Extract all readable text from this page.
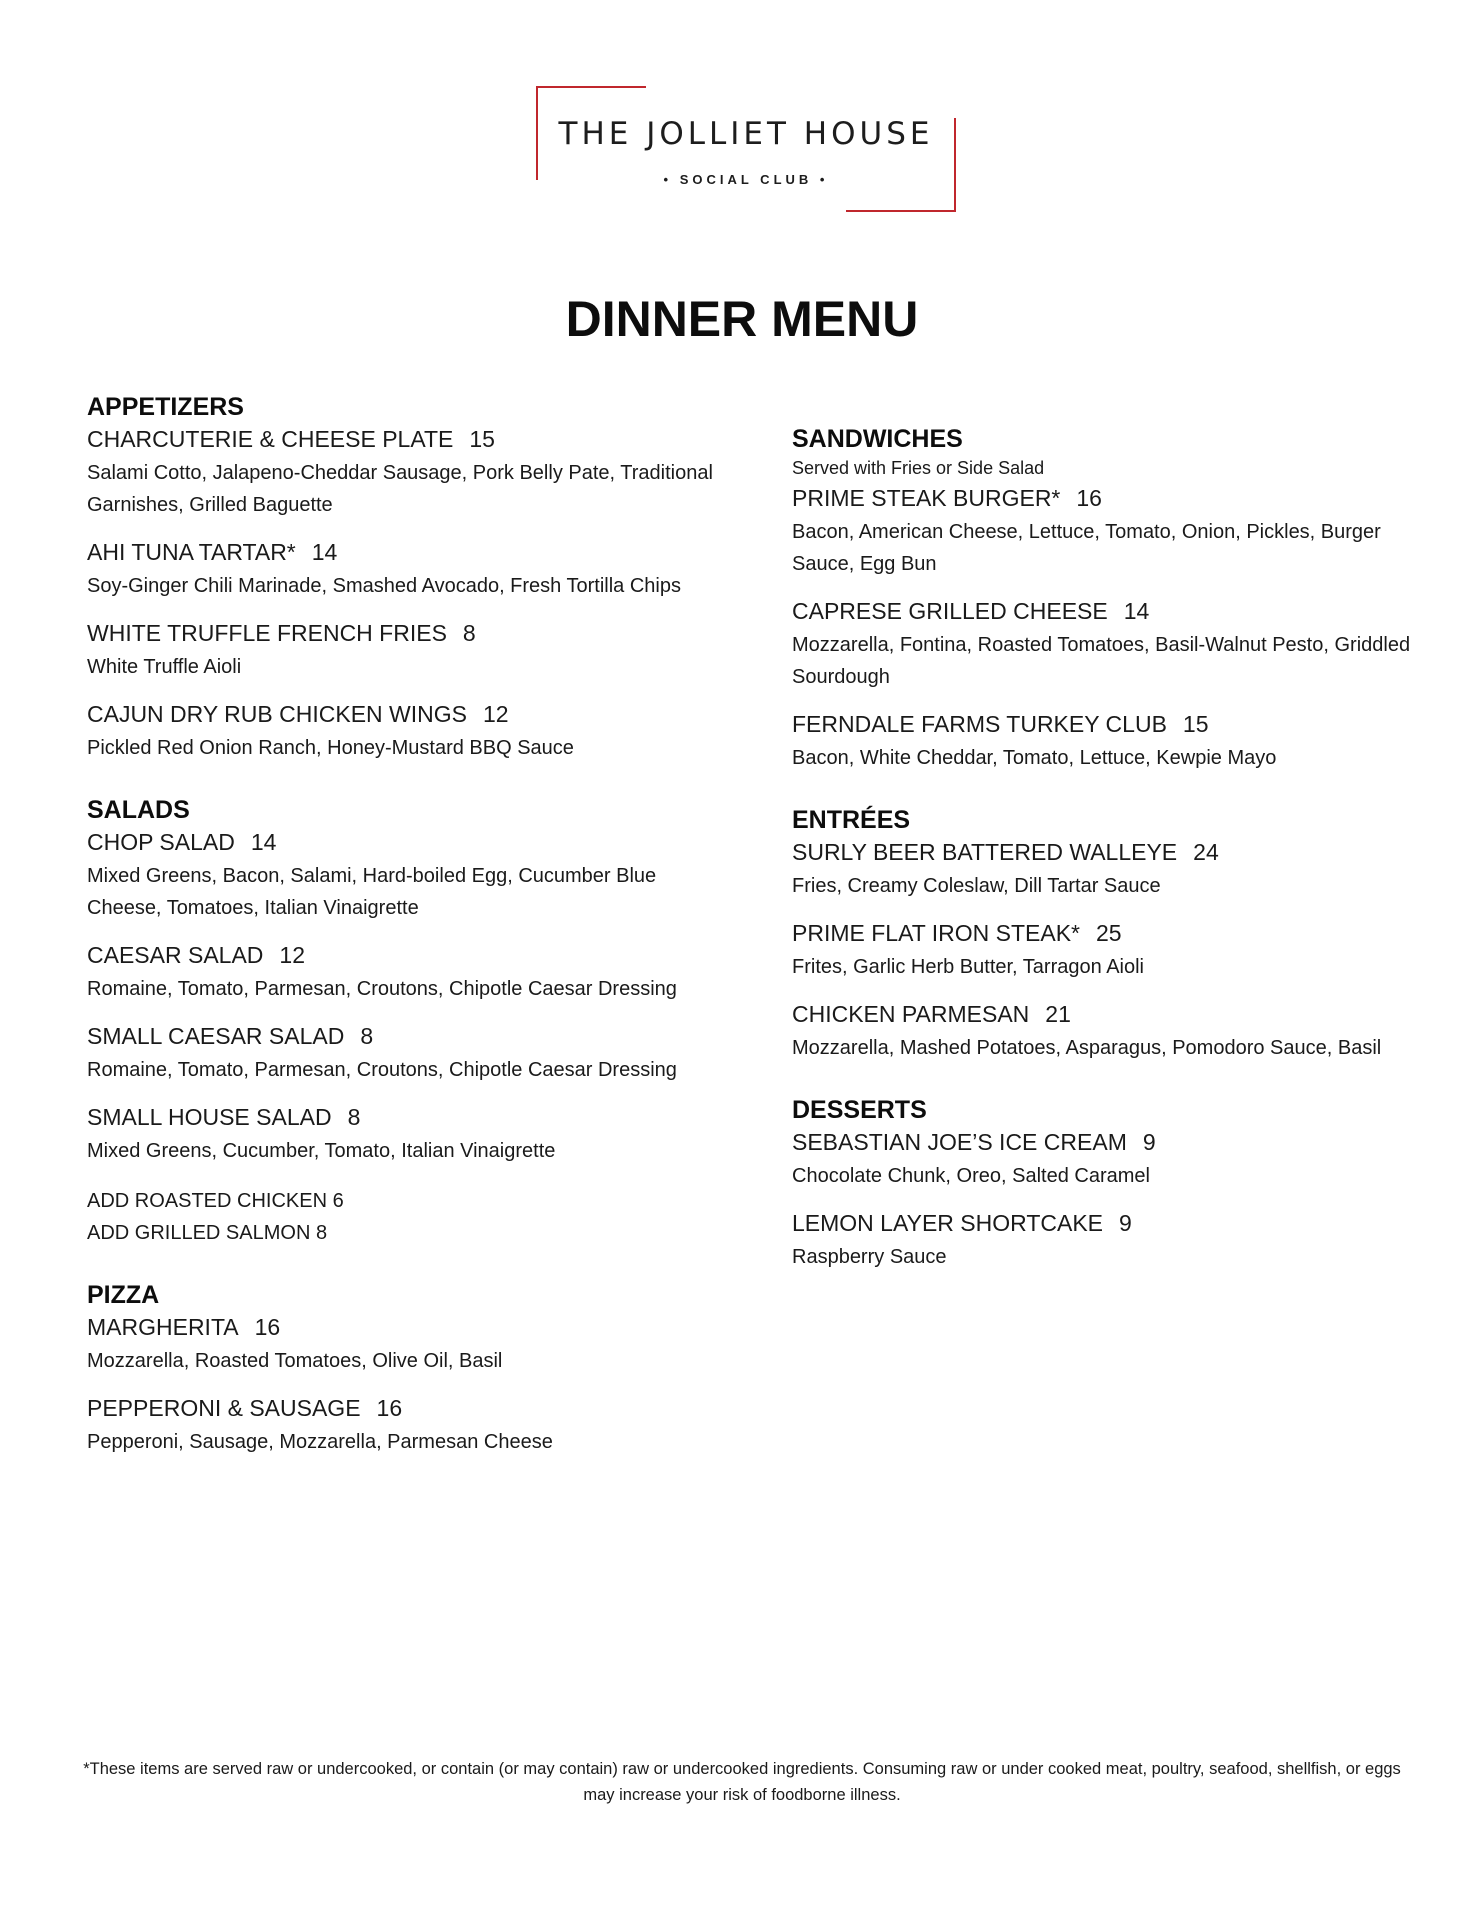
THE JOLLIET HOUSE
• SOCIAL CLUB •
DINNER MENU
APPETIZERS
CHARCUTERIE & CHEESE PLATE 15
Salami Cotto, Jalapeno-Cheddar Sausage, Pork Belly Pate, Traditional Garnishes, Grilled Baguette
AHI TUNA TARTAR* 14
Soy-Ginger Chili Marinade, Smashed Avocado, Fresh Tortilla Chips
WHITE TRUFFLE FRENCH FRIES 8
White Truffle Aioli
CAJUN DRY RUB CHICKEN WINGS 12
Pickled Red Onion Ranch, Honey-Mustard BBQ Sauce
SALADS
CHOP SALAD 14
Mixed Greens, Bacon, Salami, Hard-boiled Egg, Cucumber Blue Cheese, Tomatoes, Italian Vinaigrette
CAESAR SALAD 12
Romaine, Tomato, Parmesan, Croutons, Chipotle Caesar Dressing
SMALL CAESAR SALAD 8
Romaine, Tomato, Parmesan, Croutons, Chipotle Caesar Dressing
SMALL HOUSE SALAD 8
Mixed Greens, Cucumber, Tomato, Italian Vinaigrette
ADD ROASTED CHICKEN 6
ADD GRILLED SALMON 8
PIZZA
MARGHERITA 16
Mozzarella, Roasted Tomatoes, Olive Oil, Basil
PEPPERONI & SAUSAGE 16
Pepperoni, Sausage, Mozzarella, Parmesan Cheese
SANDWICHES
Served with Fries or Side Salad
PRIME STEAK BURGER* 16
Bacon, American Cheese, Lettuce, Tomato, Onion, Pickles, Burger Sauce, Egg Bun
CAPRESE GRILLED CHEESE 14
Mozzarella, Fontina, Roasted Tomatoes, Basil-Walnut Pesto, Griddled Sourdough
FERNDALE FARMS TURKEY CLUB 15
Bacon, White Cheddar, Tomato, Lettuce, Kewpie Mayo
ENTRÉES
SURLY BEER BATTERED WALLEYE 24
Fries, Creamy Coleslaw, Dill Tartar Sauce
PRIME FLAT IRON STEAK* 25
Frites, Garlic Herb Butter, Tarragon Aioli
CHICKEN PARMESAN 21
Mozzarella, Mashed Potatoes, Asparagus, Pomodoro Sauce, Basil
DESSERTS
SEBASTIAN JOE’S ICE CREAM 9
Chocolate Chunk, Oreo, Salted Caramel
LEMON LAYER SHORTCAKE 9
Raspberry Sauce
*These items are served raw or undercooked, or contain (or may contain) raw or undercooked ingredients. Consuming raw or under cooked meat, poultry, seafood, shellfish, or eggs may increase your risk of foodborne illness.
